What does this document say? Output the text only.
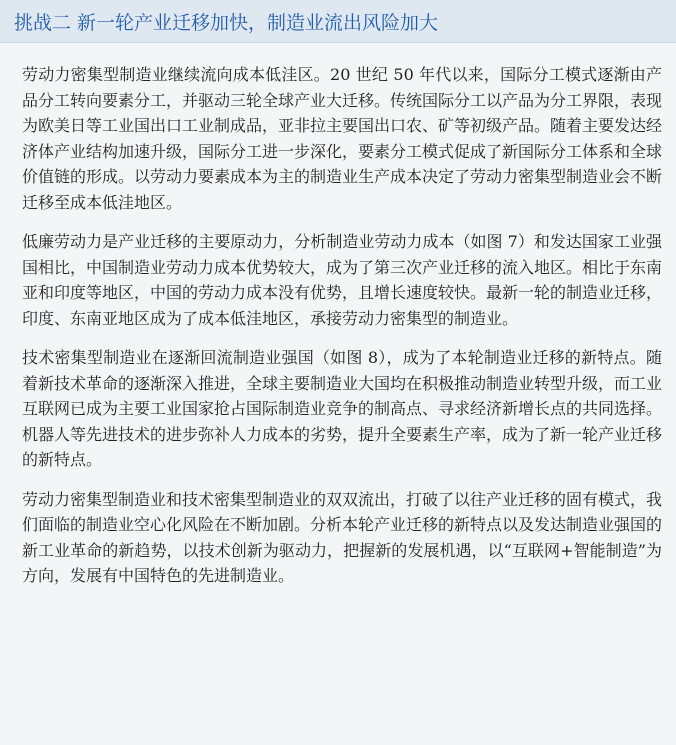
挑战二 新一轮产业迁移加快，制造业流出风险加大

劳动力密集型制造业继续流向成本低洼区。20 世纪 50 年代以来，国际分工模式逐渐由产品分工转向要素分工，并驱动三轮全球产业大迁移。传统国际分工以产品为分工界限，表现为欧美日等工业国出口工业制成品，亚非拉主要国出口农、矿等初级产品。随着主要发达经济体产业结构加速升级，国际分工进一步深化，要素分工模式促成了新国际分工体系和全球价值链的形成。以劳动力要素成本为主的制造业生产成本决定了劳动力密集型制造业会不断迁移至成本低洼地区。

低廉劳动力是产业迁移的主要原动力，分析制造业劳动力成本（如图 7）和发达国家工业强国相比，中国制造业劳动力成本优势较大，成为了第三次产业迁移的流入地区。相比于东南亚和印度等地区，中国的劳动力成本没有优势，且增长速度较快。最新一轮的制造业迁移，印度、东南亚地区成为了成本低洼地区，承接劳动力密集型的制造业。

技术密集型制造业在逐渐回流制造业强国（如图 8），成为了本轮制造业迁移的新特点。随着新技术革命的逐渐深入推进，全球主要制造业大国均在积极推动制造业转型升级，而工业互联网已成为主要工业国家抢占国际制造业竞争的制高点、寻求经济新增长点的共同选择。机器人等先进技术的进步弥补人力成本的劣势，提升全要素生产率，成为了新一轮产业迁移的新特点。

劳动力密集型制造业和技术密集型制造业的双双流出，打破了以往产业迁移的固有模式，我们面临的制造业空心化风险在不断加剧。分析本轮产业迁移的新特点以及发达制造业强国的新工业革命的新趋势，以技术创新为驱动力，把握新的发展机遇，以“互联网+智能制造”为方向，发展有中国特色的先进制造业。
